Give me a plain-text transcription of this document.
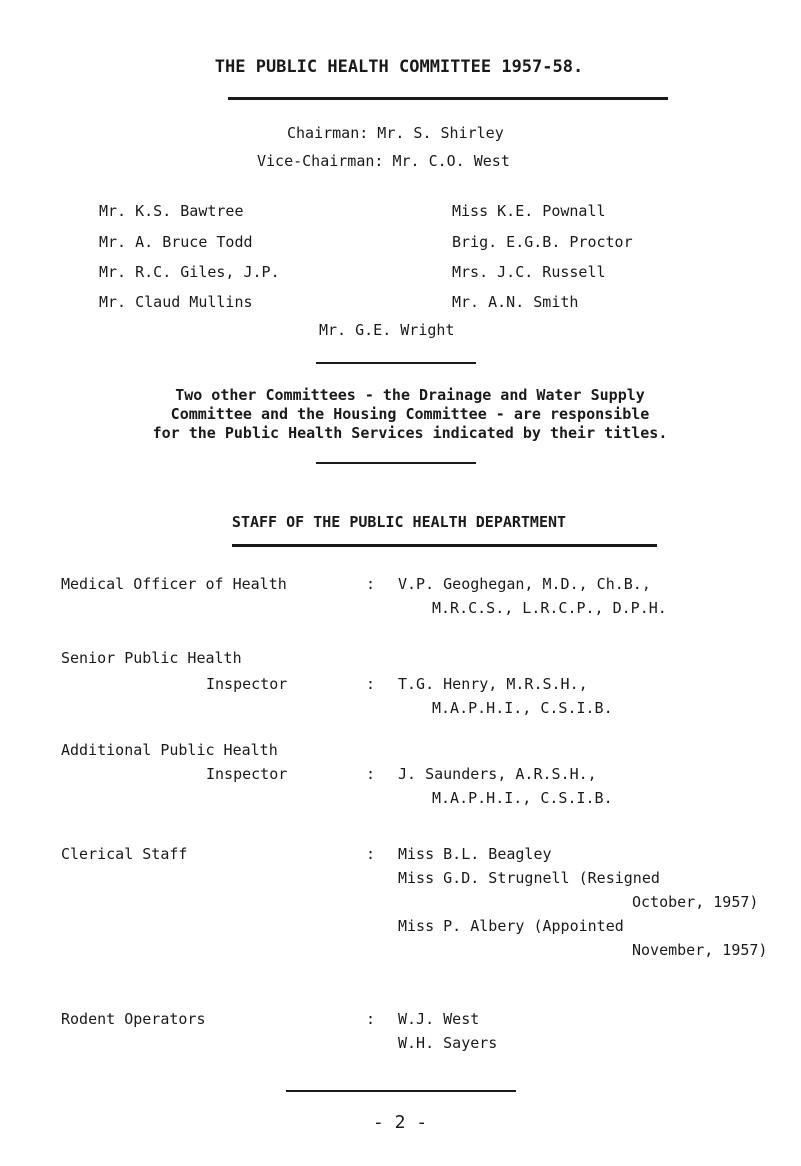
THE PUBLIC HEALTH COMMITTEE 1957-58.
Chairman: Mr. S. Shirley
Vice-Chairman: Mr. C.O. West
Mr. K.S. Bawtree
Mr. A. Bruce Todd
Mr. R.C. Giles, J.P.
Mr. Claud Mullins
Miss K.E. Pownall
Brig. E.G.B. Proctor
Mrs. J.C. Russell
Mr. A.N. Smith
Mr. G.E. Wright
Two other Committees - the Drainage and Water Supply
Committee and the Housing Committee - are responsible
for the Public Health Services indicated by their titles.
STAFF OF THE PUBLIC HEALTH DEPARTMENT
Medical Officer of Health	: V.P. Geoghegan, M.D., Ch.B.,
M.R.C.S., L.R.C.P., D.P.H.
Senior Public Health
Inspector	: T.G. Henry, M.R.S.H.,
M.A.P.H.I., C.S.I.B.
Additional Public Health
Inspector	: J. Saunders, A.R.S.H.,
M.A.P.H.I., C.S.I.B.
Clerical Staff	: Miss B.L. Beagley
Miss G.D. Strugnell (Resigned
October, 1957)
Miss P. Albery (Appointed
November, 1957)
Rodent Operators	: W.J. West
W.H. Sayers
- 2 -
